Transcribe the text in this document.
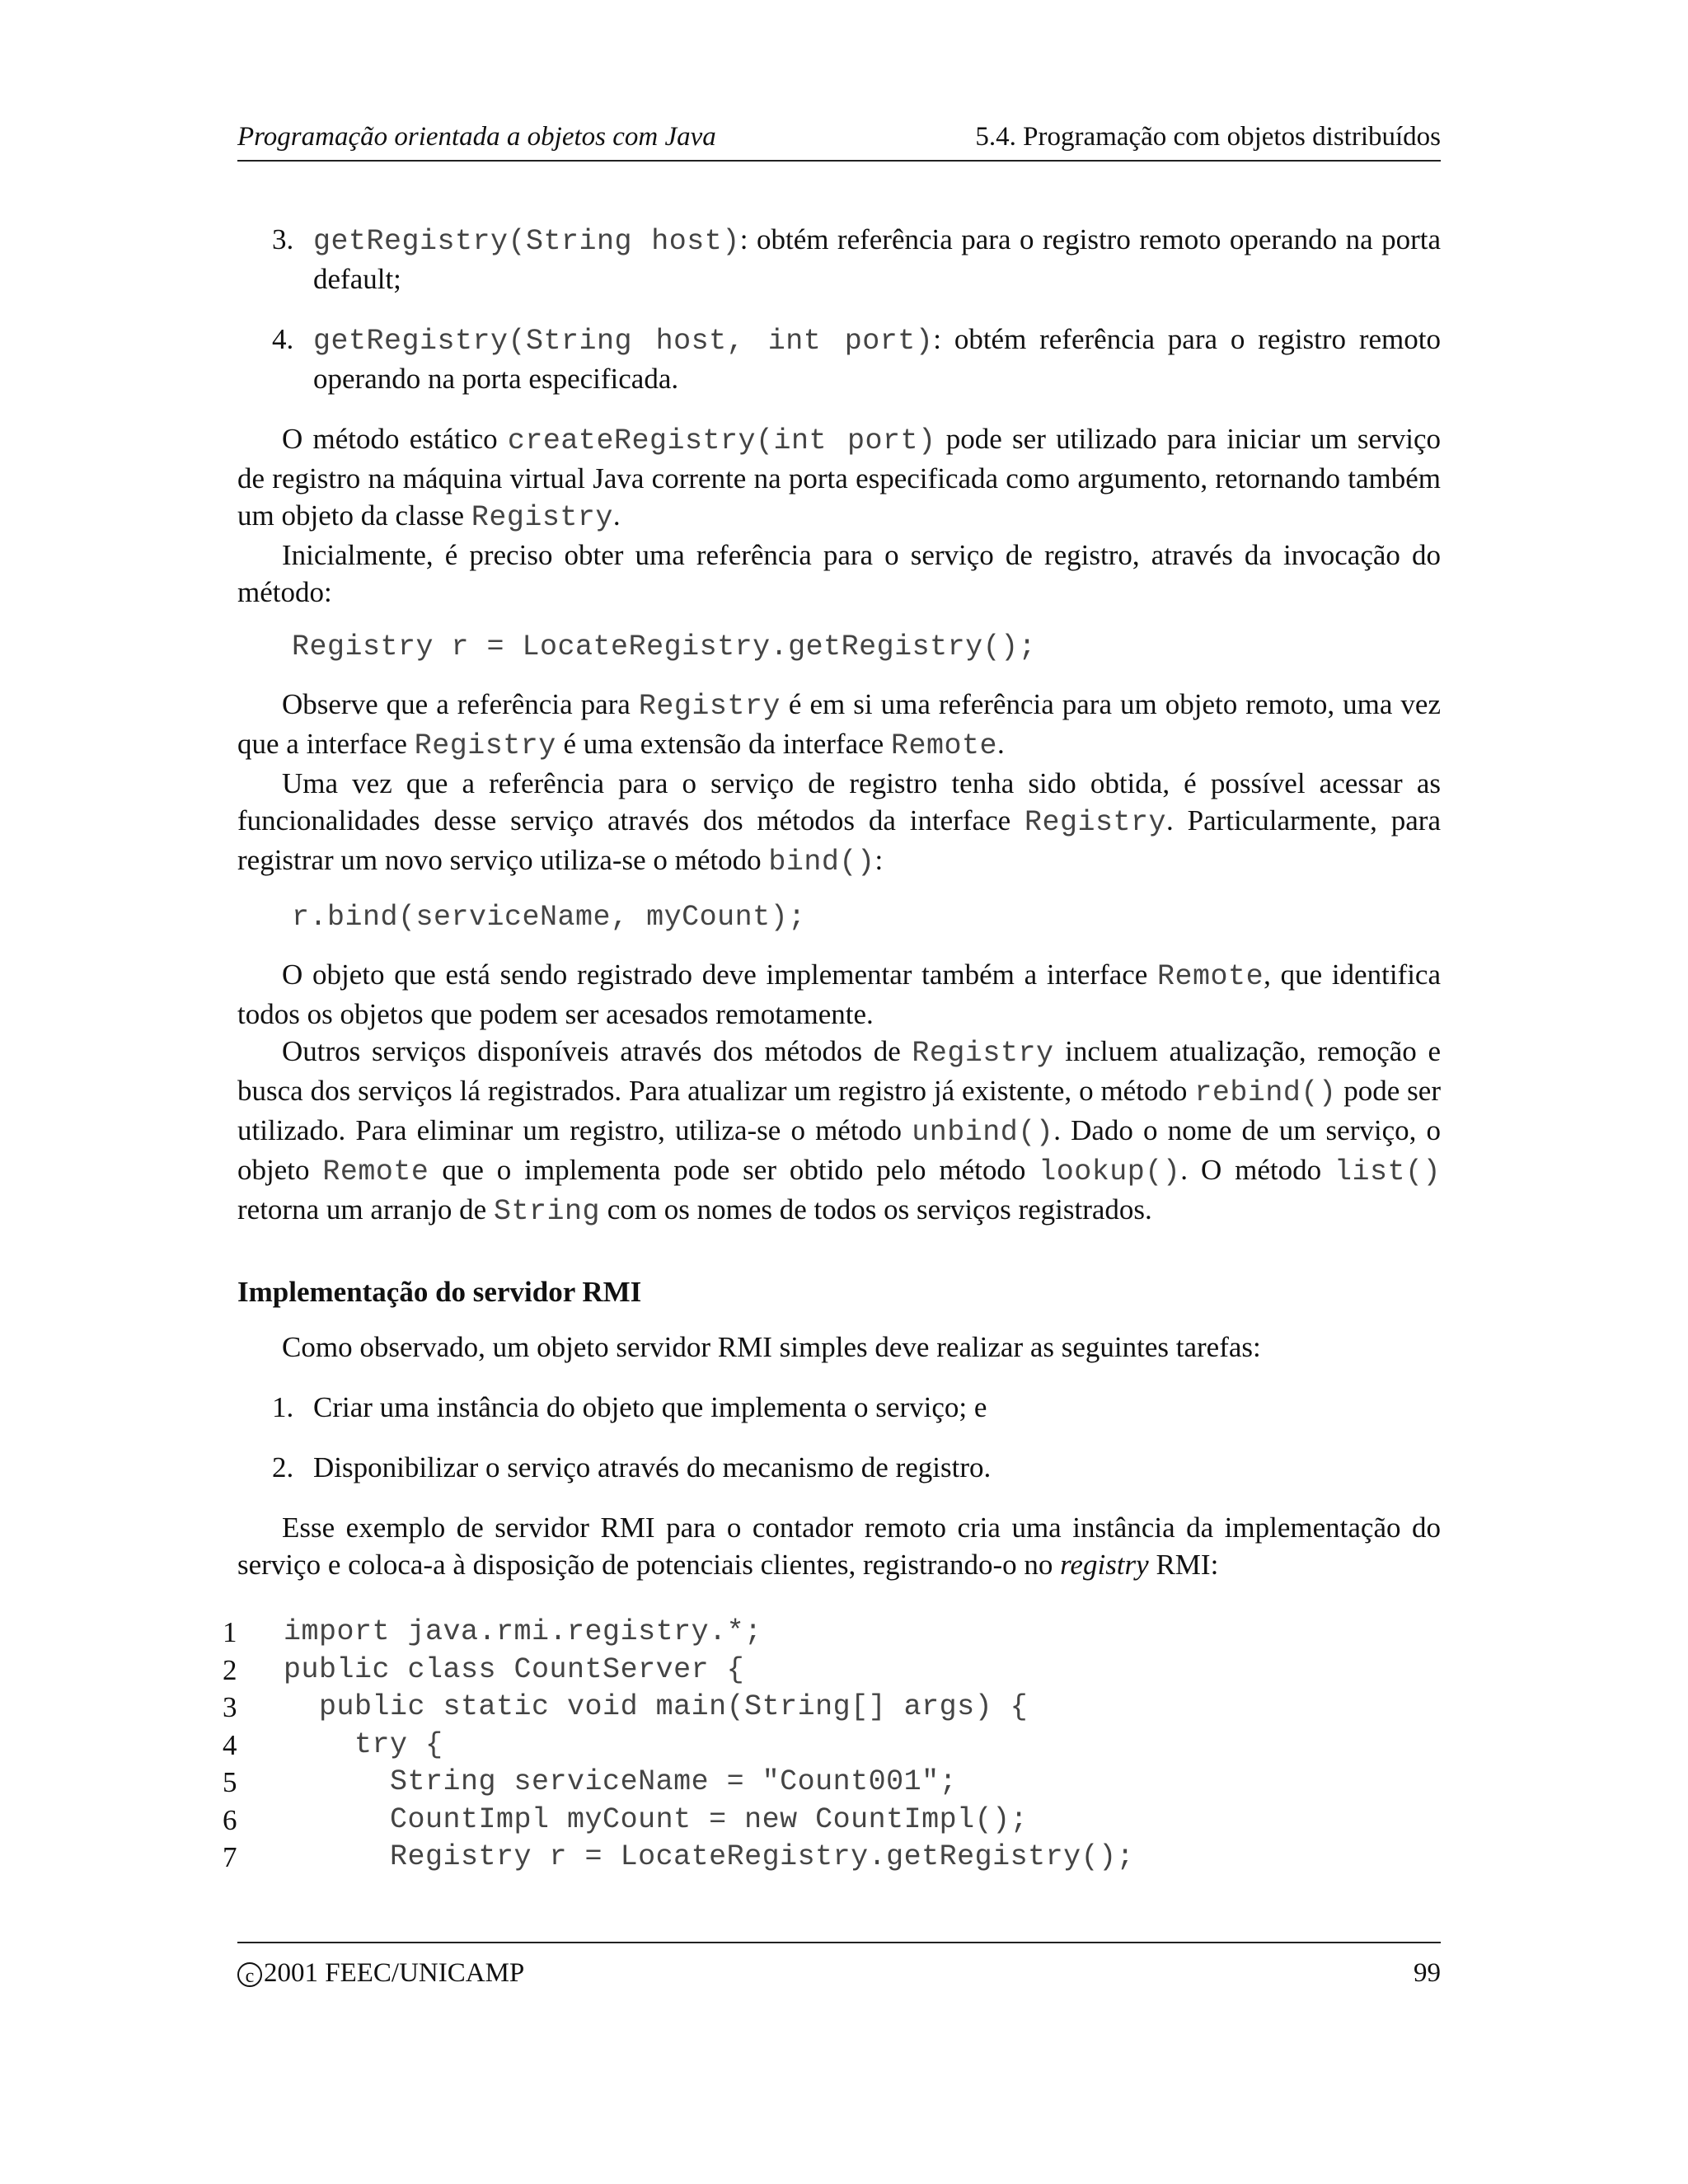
Programação orientada a objetos com Java	5.4. Programação com objetos distribuídos
3. getRegistry(String host): obtém referência para o registro remoto operando na porta default;
4. getRegistry(String host, int port): obtém referência para o registro remoto operando na porta especificada.

O método estático createRegistry(int port) pode ser utilizado para iniciar um serviço de registro na máquina virtual Java corrente na porta especificada como argumento, retornando também um objeto da classe Registry.

Inicialmente, é preciso obter uma referência para o serviço de registro, através da invocação do método:

Registry r = LocateRegistry.getRegistry();

Observe que a referência para Registry é em si uma referência para um objeto remoto, uma vez que a interface Registry é uma extensão da interface Remote.

Uma vez que a referência para o serviço de registro tenha sido obtida, é possível acessar as funcionalidades desse serviço através dos métodos da interface Registry. Particularmente, para registrar um novo serviço utiliza-se o método bind():

r.bind(serviceName, myCount);

O objeto que está sendo registrado deve implementar também a interface Remote, que identifica todos os objetos que podem ser acesados remotamente.

Outros serviços disponíveis através dos métodos de Registry incluem atualização, remoção e busca dos serviços lá registrados. Para atualizar um registro já existente, o método rebind() pode ser utilizado. Para eliminar um registro, utiliza-se o método unbind(). Dado o nome de um serviço, o objeto Remote que o implementa pode ser obtido pelo método lookup(). O método list() retorna um arranjo de String com os nomes de todos os serviços registrados.

Implementação do servidor RMI

Como observado, um objeto servidor RMI simples deve realizar as seguintes tarefas:

1. Criar uma instância do objeto que implementa o serviço; e
2. Disponibilizar o serviço através do mecanismo de registro.

Esse exemplo de servidor RMI para o contador remoto cria uma instância da implementação do serviço e coloca-a à disposição de potenciais clientes, registrando-o no registry RMI:

1 import java.rmi.registry.*;
2 public class CountServer {
3 public static void main(String[] args) {
4 try {
5 String serviceName = "Count001";
6 CountImpl myCount = new CountImpl();
7 Registry r = LocateRegistry.getRegistry();
c 2001 FEEC/UNICAMP	99
